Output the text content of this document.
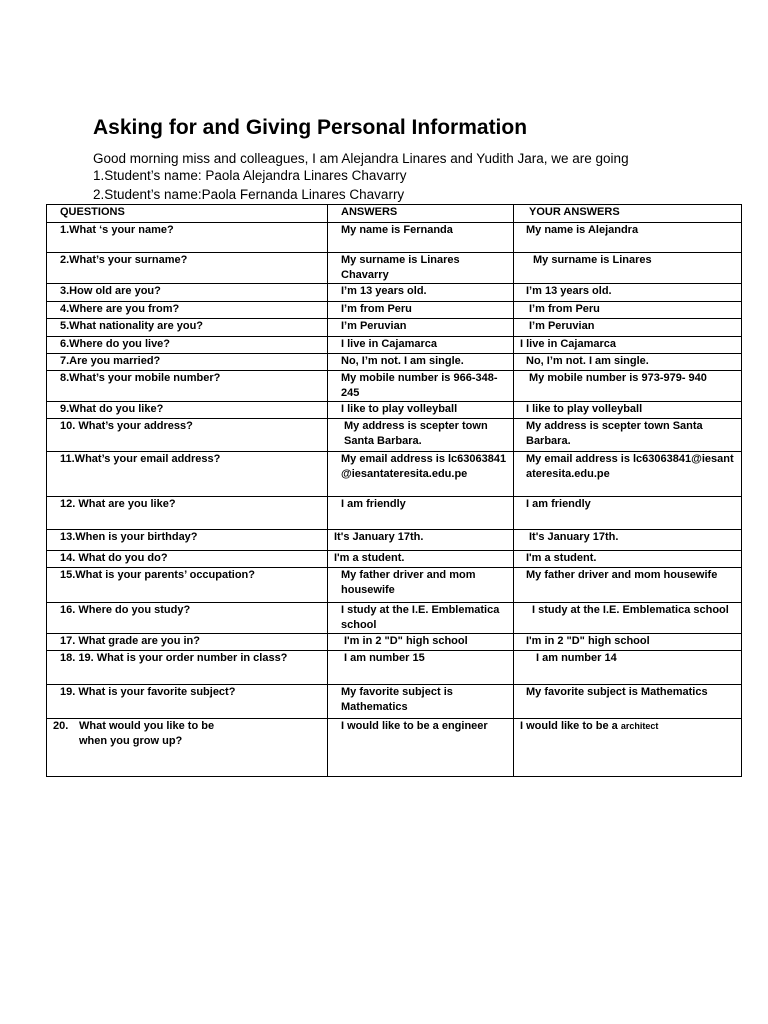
Asking for and Giving Personal Information
Good morning miss and colleagues, I am Alejandra Linares and Yudith Jara, we are going
1.Student’s name: Paola Alejandra Linares Chavarry
2.Student’s name:Paola Fernanda Linares Chavarry
QUESTIONS	ANSWERS	YOUR ANSWERS
1.What ‘s your name?	My name is Fernanda	My name is Alejandra
2.What’s your surname?	My surname is Linares Chavarry	My surname is Linares
3.How old are you?	I’m 13 years old.	I’m 13 years old.
4.Where are you from?	I’m from Peru	I’m from Peru
5.What nationality are you?	I’m Peruvian	I’m Peruvian
6.Where do you live?	I live in Cajamarca	I live in Cajamarca
7.Are you married?	No, I’m not. I am single.	No, I’m not. I am single.
8.What’s your mobile number?	My mobile number is 966-348-245	My mobile number is 973-979- 940
9.What do you like?	I like to play volleyball	I like to play volleyball
10. What’s your address?	My address is scepter town Santa Barbara.	My address is scepter town Santa Barbara.
11.What’s your email address?	My email address is lc63063841@iesantateresita.edu.pe	My email address is lc63063841@iesantateresita.edu.pe
12. What are you like?	I am friendly	I am friendly
13.When is your birthday?	It's January 17th.	It's January 17th.
14. What do you do?	I'm a student.	I'm a student.
15.What is your parents’ occupation?	My father driver and mom housewife	My father driver and mom housewife
16. Where do you study?	I study at the I.E. Emblematica school	I study at the I.E. Emblematica school
17. What grade are you in?	I'm in 2 "D" high school	I'm in 2 "D" high school
18. 19. What is your order number in class?	I am number 15	I am number 14
19. What is your favorite subject?	My favorite subject is Mathematics	My favorite subject is Mathematics
20. What would you like to be when you grow up?	I would like to be a engineer	I would like to be a architect
